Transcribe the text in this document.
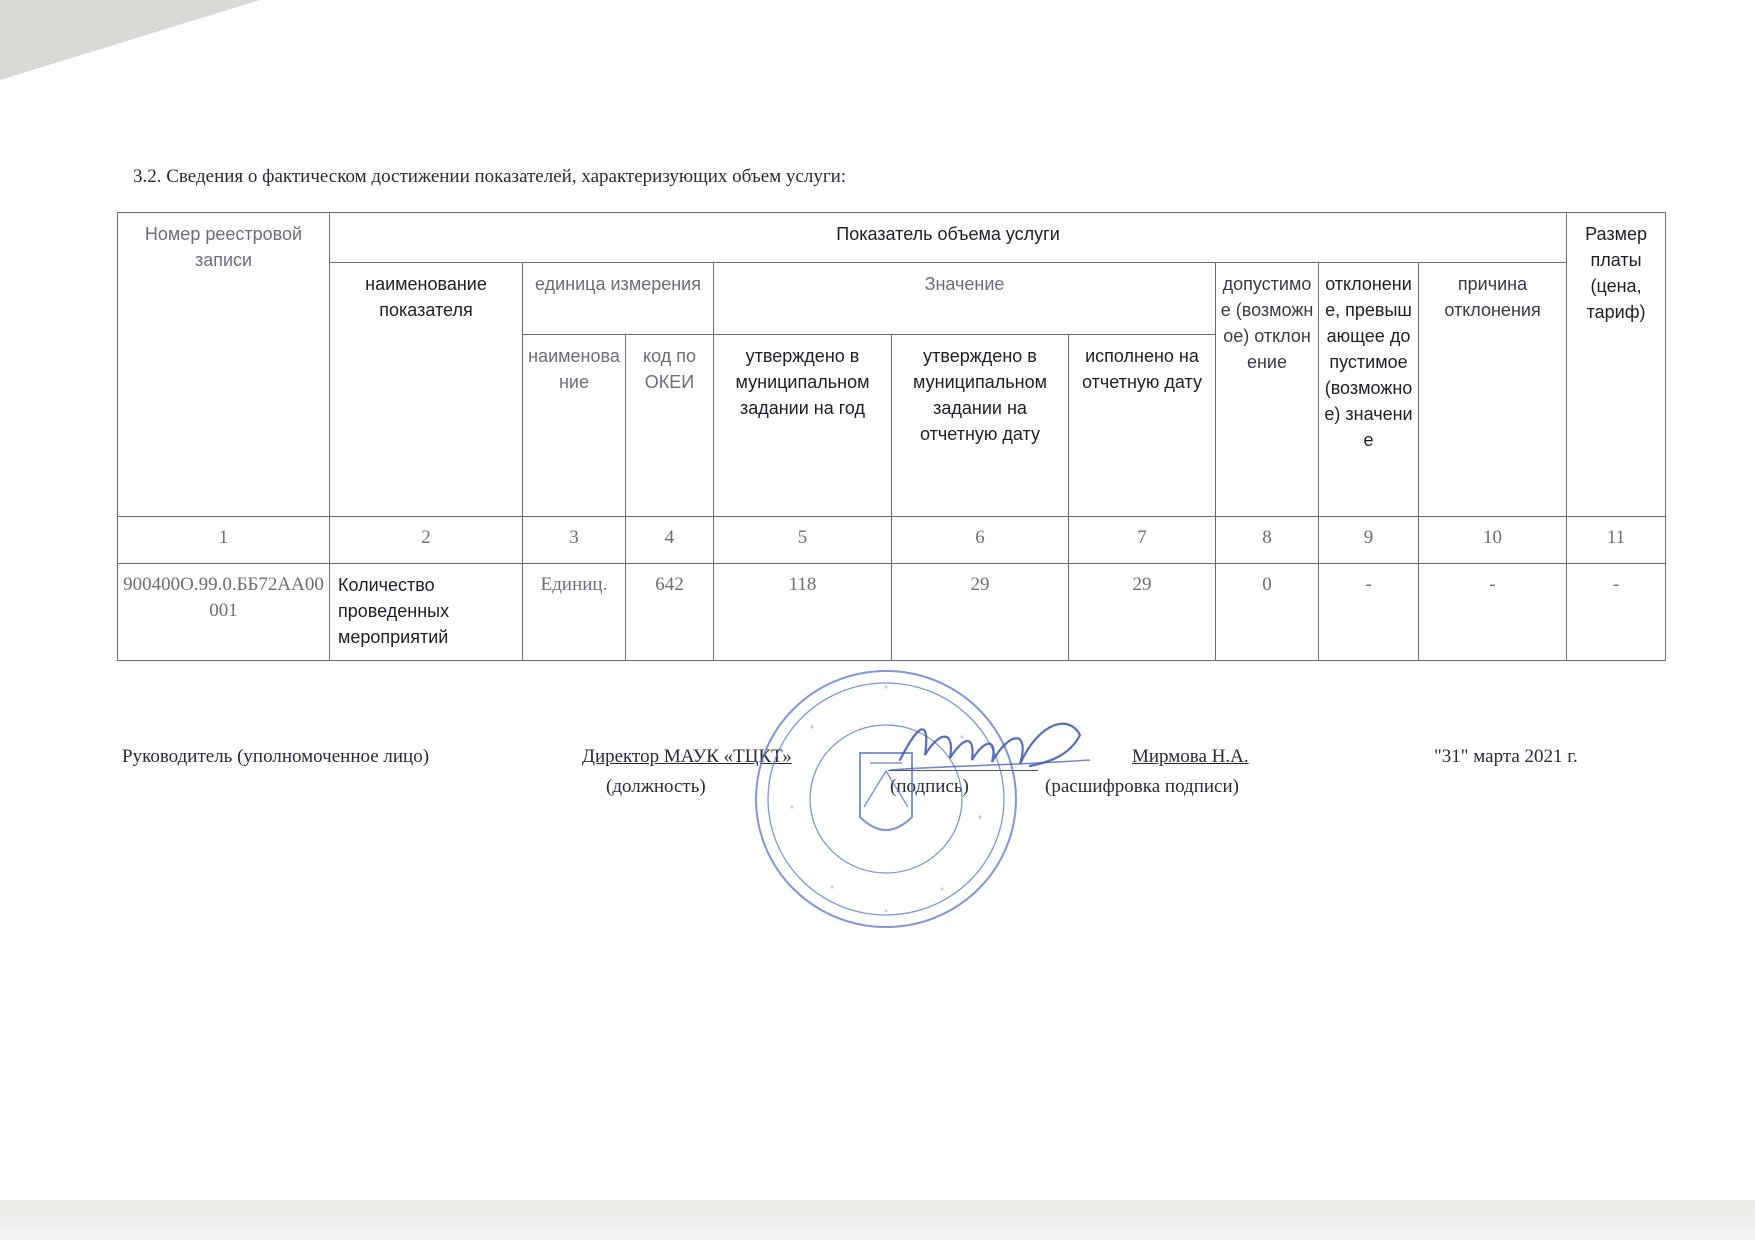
3.2. Сведения о фактическом достижении показателей, характеризующих объем услуги:
Номер реестровой записи	Показатель объема услуги									Размер платы (цена, тариф)
	наименование показателя	единица измерения		Значение			допустимое (возможное) отклонение	отклонение, превышающее допустимое (возможное) значение	причина отклонения	
		наименование	код по ОКЕИ	утверждено в муниципальном задании на год	утверждено в муниципальном задании на отчетную дату	исполнено на отчетную дату				
1	2	3	4	5	6	7	8	9	10	11
900400О.99.0.ББ72АА00001	Количество проведенных мероприятий	Единиц.	642	118	29	29	0	-	-	-
Руководитель (уполномоченное лицо)	Директор МАУК «ТЦКТ»
(должность)	(подпись)
Мирмова Н.А.
(расшифровка подписи)
"31" марта 2021 г.
